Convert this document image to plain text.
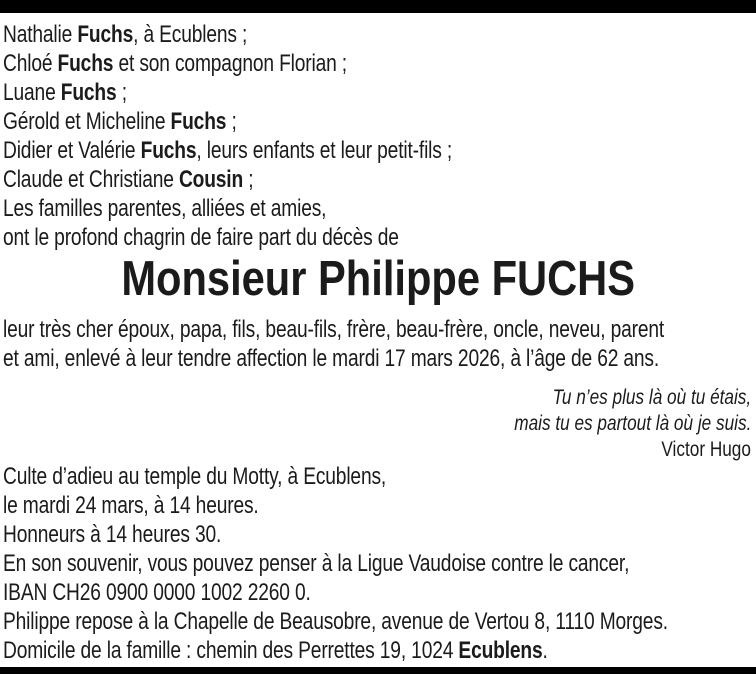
Nathalie Fuchs, à Ecublens ;
Chloé Fuchs et son compagnon Florian ;
Luane Fuchs ;
Gérold et Micheline Fuchs ;
Didier et Valérie Fuchs, leurs enfants et leur petit-fils ;
Claude et Christiane Cousin ;
Les familles parentes, alliées et amies,
ont le profond chagrin de faire part du décès de
Monsieur Philippe FUCHS
leur très cher époux, papa, fils, beau-fils, frère, beau-frère, oncle, neveu, parent
et ami, enlevé à leur tendre affection le mardi 17 mars 2026, à l’âge de 62 ans.
Tu n’es plus là où tu étais,
mais tu es partout là où je suis.
Victor Hugo
Culte d’adieu au temple du Motty, à Ecublens,
le mardi 24 mars, à 14 heures.
Honneurs à 14 heures 30.
En son souvenir, vous pouvez penser à la Ligue Vaudoise contre le cancer,
IBAN CH26 0900 0000 1002 2260 0.
Philippe repose à la Chapelle de Beausobre, avenue de Vertou 8, 1110 Morges.
Domicile de la famille : chemin des Perrettes 19, 1024 Ecublens.
